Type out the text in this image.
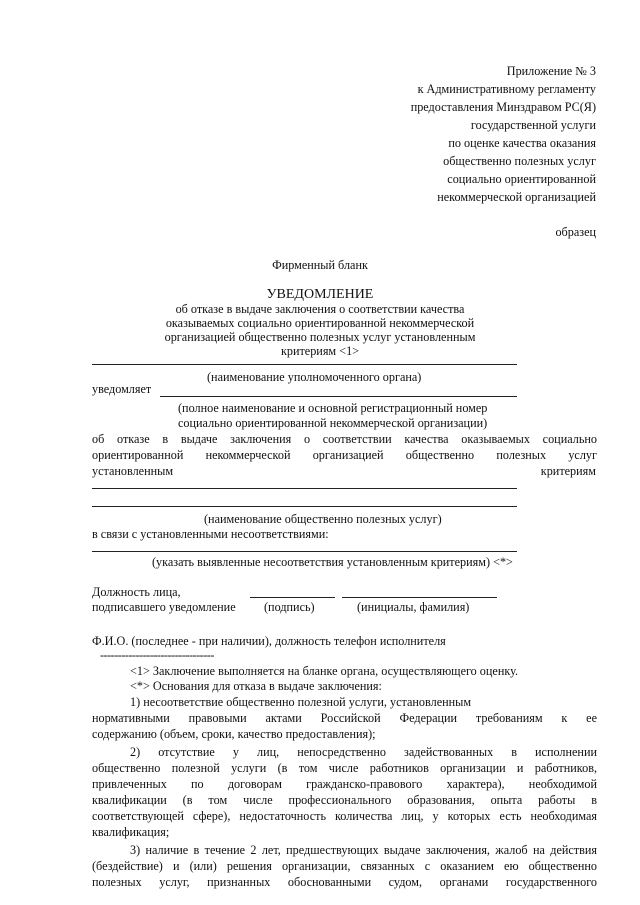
Приложение № 3
к Административному регламенту
предоставления Минздравом РС(Я)
государственной услуги
по оценке качества оказания
общественно полезных услуг
социально ориентированной
некоммерческой организацией
образец
Фирменный бланк
УВЕДОМЛЕНИЕ
об отказе в выдаче заключения о соответствии качества
оказываемых социально ориентированной некоммерческой
организацией общественно полезных услуг установленным
критериям <1>
(наименование уполномоченного органа)
уведомляет
(полное наименование и основной регистрационный номер
социально ориентированной некоммерческой организации)
об отказе в выдаче заключения о соответствии качества оказываемых социально
ориентированной некоммерческой организацией общественно полезных услуг
установленным	критериям
(наименование общественно полезных услуг)
в связи с установленными несоответствиями:
(указать выявленные несоответствия установленным критериям) <*>
Должность лица,
подписавшего уведомление (подпись)	(инициалы, фамилия)
Ф.И.О. (последнее - при наличии), должность телефон исполнителя
--------------------------------
<1> Заключение выполняется на бланке органа, осуществляющего оценку.
<*> Основания для отказа в выдаче заключения:
1) несоответствие общественно полезной услуги, установленным
нормативными правовыми актами Российской Федерации требованиям к ее
содержанию (объем, сроки, качество предоставления);
2) отсутствие у лиц, непосредственно задействованных в исполнении
общественно полезной услуги (в том числе работников организации и работников,
привлеченных по договорам гражданско-правового характера), необходимой
квалификации (в том числе профессионального образования, опыта работы в
соответствующей сфере), недостаточность количества лиц, у которых есть необходимая
квалификация;
3) наличие в течение 2 лет, предшествующих выдаче заключения, жалоб на действия
(бездействие) и (или) решения организации, связанных с оказанием ею общественно
полезных услуг, признанных обоснованными судом, органами государственного
